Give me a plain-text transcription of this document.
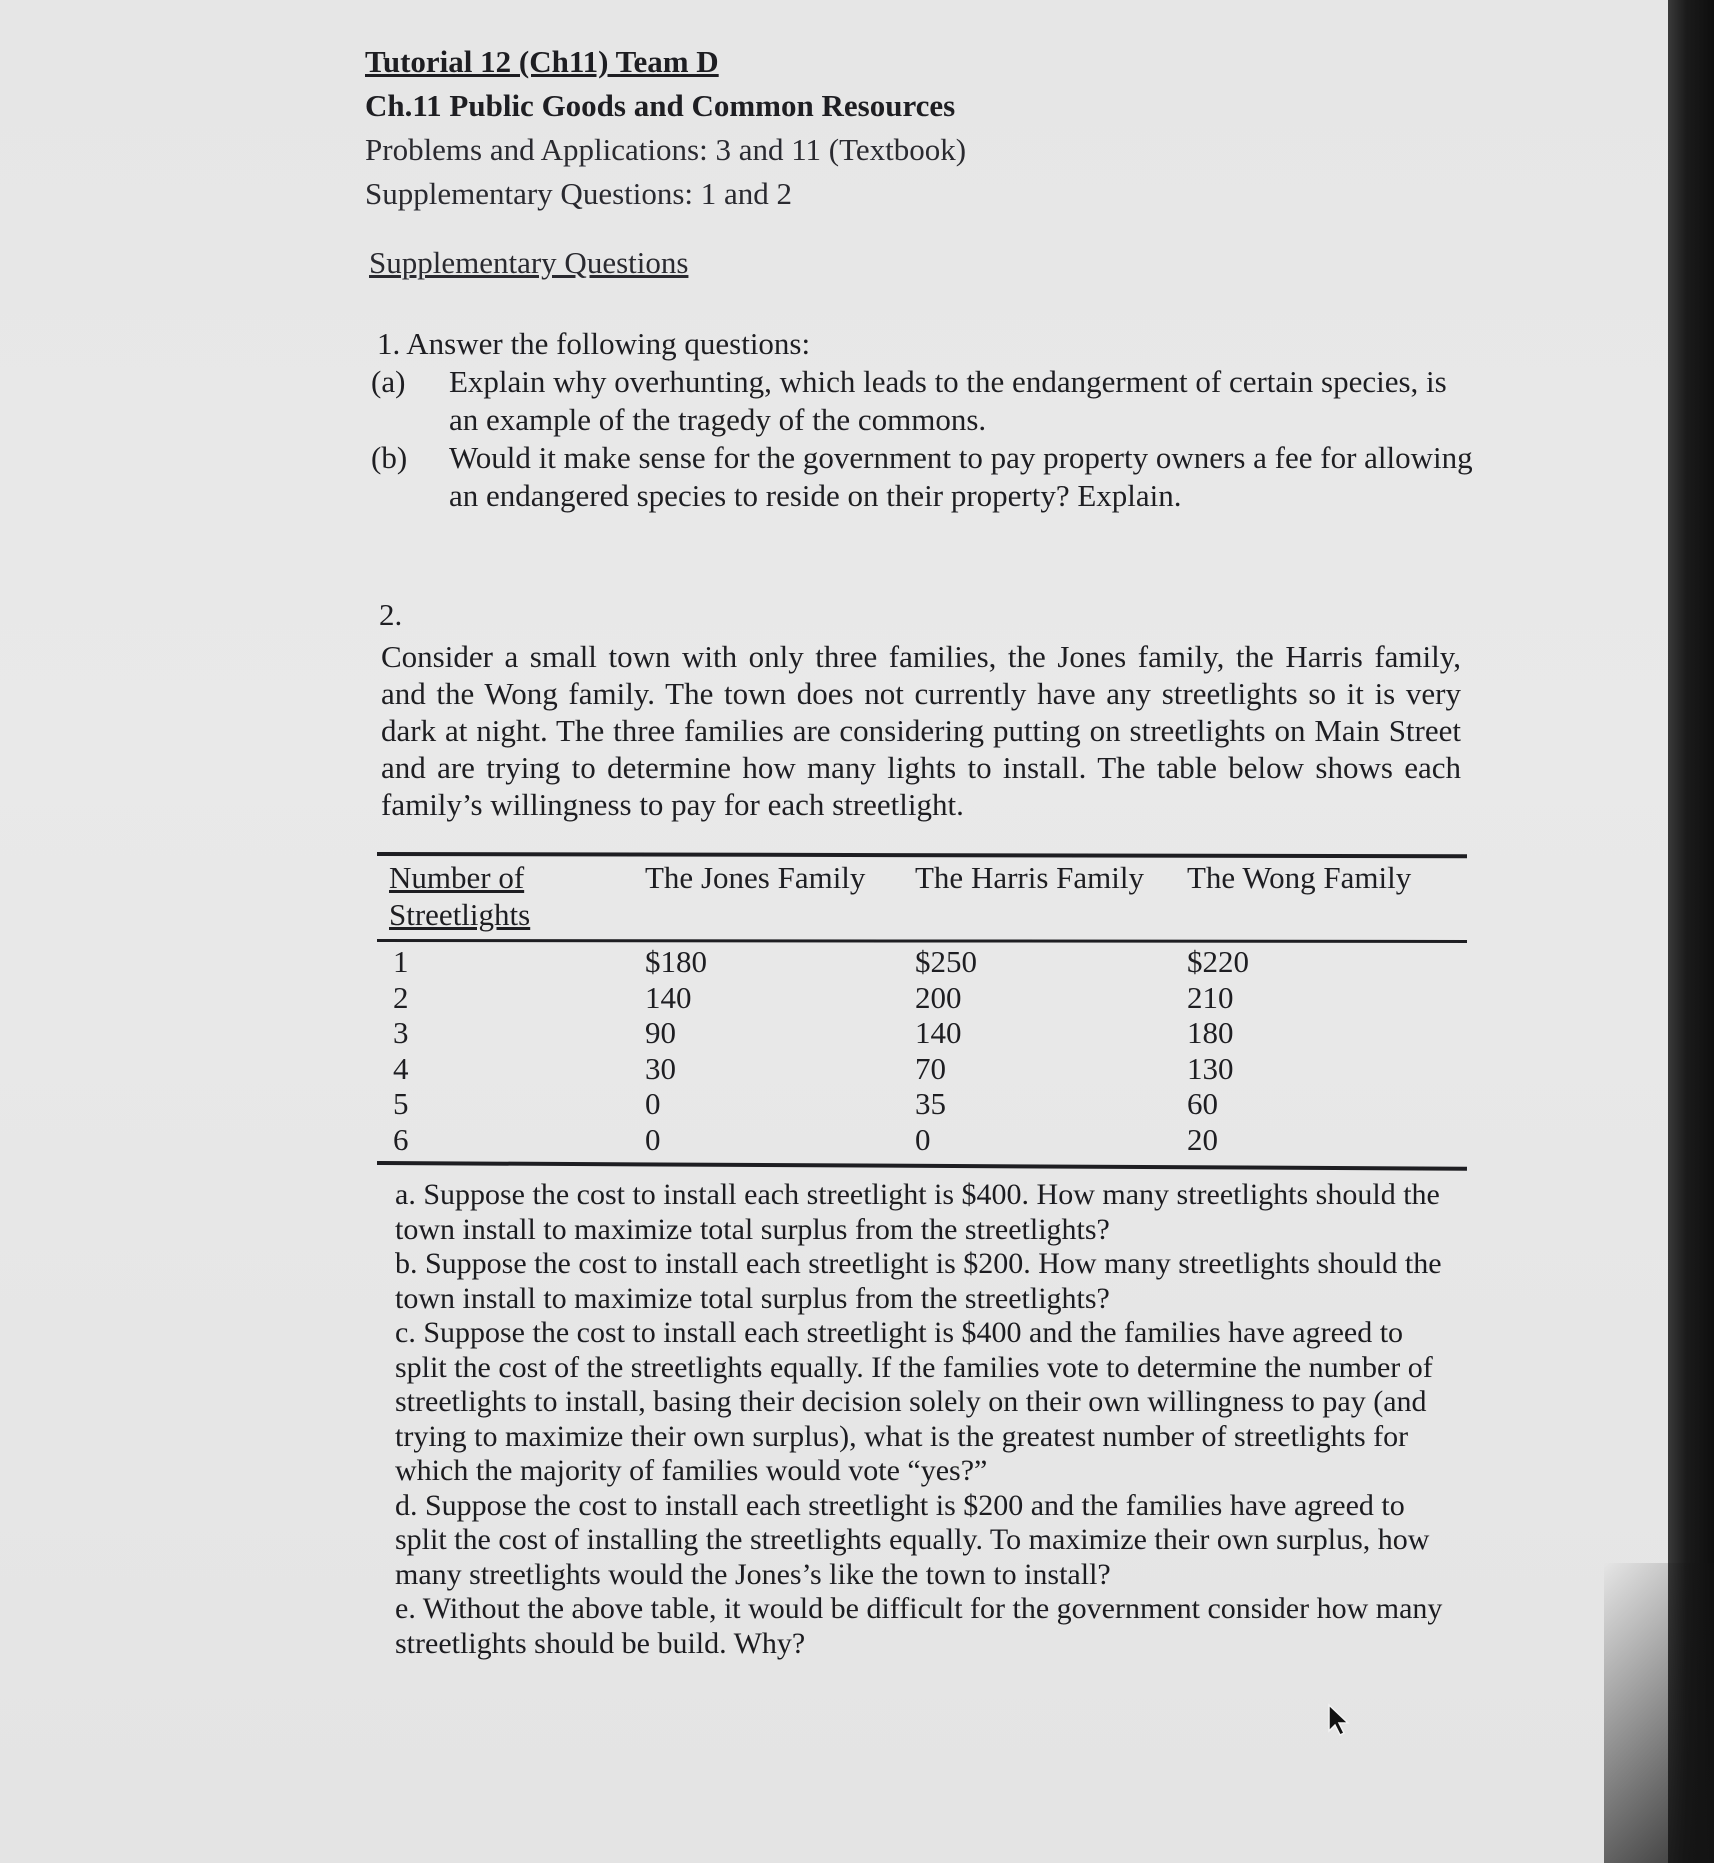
Tutorial 12 (Ch11) Team D

Ch.11 Public Goods and Common Resources

Problems and Applications: 3 and 11 (Textbook)

Supplementary Questions: 1 and 2

Supplementary Questions
1. Answer the following questions:
(a)	Explain why overhunting, which leads to the endangerment of certain species, is an example of the tragedy of the commons.
(b)	Would it make sense for the government to pay property owners a fee for allowing an endangered species to reside on their property? Explain.
2.
Consider a small town with only three families, the Jones family, the Harris family, and the Wong family. The town does not currently have any streetlights so it is very dark at night. The three families are considering putting on streetlights on Main Street and are trying to determine how many lights to install. The table below shows each family’s willingness to pay for each streetlight.
Number of Streetlights
The Jones Family	The Harris Family	The Wong Family
1	$180	$250	$220
2	140	200	210
3	90	140	180
4	30	70	130
5	0	35	60
6	0	0	20

a. Suppose the cost to install each streetlight is $400. How many streetlights should the town install to maximize total surplus from the streetlights?

b. Suppose the cost to install each streetlight is $200. How many streetlights should the town install to maximize total surplus from the streetlights?

c. Suppose the cost to install each streetlight is $400 and the families have agreed to split the cost of the streetlights equally. If the families vote to determine the number of streetlights to install, basing their decision solely on their own willingness to pay (and trying to maximize their own surplus), what is the greatest number of streetlights for which the majority of families would vote “yes?”

d. Suppose the cost to install each streetlight is $200 and the families have agreed to split the cost of installing the streetlights equally. To maximize their own surplus, how many streetlights would the Jones’s like the town to install?

e. Without the above table, it would be difficult for the government consider how many streetlights should be build. Why?
